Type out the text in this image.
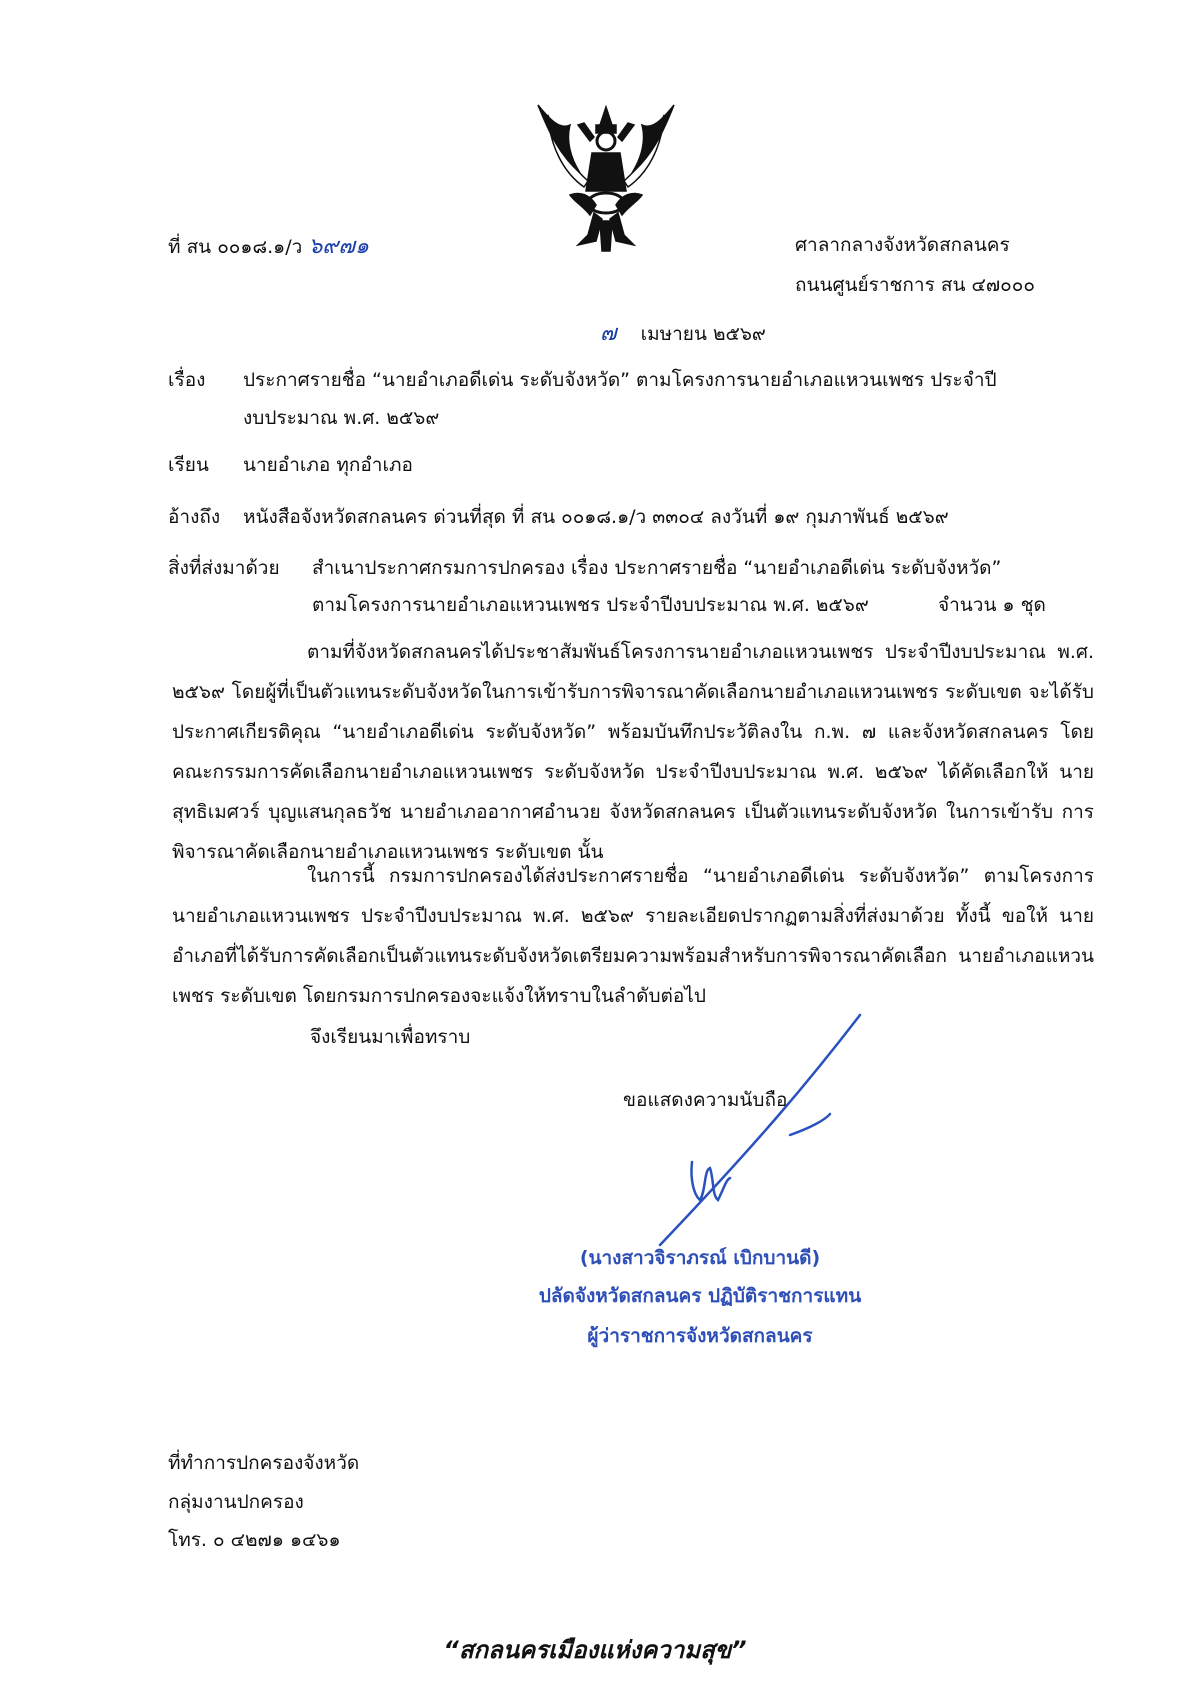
ที่ สน ๐๐๑๘.๑/ว ๖๙๗๑	ศาลากลางจังหวัดสกลนคร
ถนนศูนย์ราชการ สน ๔๗๐๐๐
๗ เมษายน ๒๕๖๙
เรื่อง ประกาศรายชื่อ “นายอำเภอดีเด่น ระดับจังหวัด” ตามโครงการนายอำเภอแหวนเพชร ประจำปี
งบประมาณ พ.ศ. ๒๕๖๙
เรียน นายอำเภอ ทุกอำเภอ
อ้างถึง หนังสือจังหวัดสกลนคร ด่วนที่สุด ที่ สน ๐๐๑๘.๑/ว ๓๓๐๔ ลงวันที่ ๑๙ กุมภาพันธ์ ๒๕๖๙
สิ่งที่ส่งมาด้วย สำเนาประกาศกรมการปกครอง เรื่อง ประกาศรายชื่อ “นายอำเภอดีเด่น ระดับจังหวัด”
ตามโครงการนายอำเภอแหวนเพชร ประจำปีงบประมาณ พ.ศ. ๒๕๖๙	จำนวน ๑ ชุด
ตามที่จังหวัดสกลนครได้ประชาสัมพันธ์โครงการนายอำเภอแหวนเพชร ประจำปีงบประมาณ พ.ศ. ๒๕๖๙ โดยผู้ที่เป็นตัวแทนระดับจังหวัดในการเข้ารับการพิจารณาคัดเลือกนายอำเภอแหวนเพชร ระดับเขต จะได้รับประกาศเกียรติคุณ “นายอำเภอดีเด่น ระดับจังหวัด” พร้อมบันทึกประวัติลงใน ก.พ. ๗ และจังหวัดสกลนคร โดยคณะกรรมการคัดเลือกนายอำเภอแหวนเพชร ระดับจังหวัด ประจำปีงบประมาณ พ.ศ. ๒๕๖๙ ได้คัดเลือกให้ นายสุทธิเมศวร์ บุญแสนกุลธวัช นายอำเภออากาศอำนวย จังหวัดสกลนคร เป็นตัวแทนระดับจังหวัด ในการเข้ารับ การพิจารณาคัดเลือกนายอำเภอแหวนเพชร ระดับเขต นั้น
ในการนี้ กรมการปกครองได้ส่งประกาศรายชื่อ “นายอำเภอดีเด่น ระดับจังหวัด” ตามโครงการ นายอำเภอแหวนเพชร ประจำปีงบประมาณ พ.ศ. ๒๕๖๙ รายละเอียดปรากฏตามสิ่งที่ส่งมาด้วย ทั้งนี้ ขอให้ นายอำเภอที่ได้รับการคัดเลือกเป็นตัวแทนระดับจังหวัดเตรียมความพร้อมสำหรับการพิจารณาคัดเลือก นายอำเภอแหวนเพชร ระดับเขต โดยกรมการปกครองจะแจ้งให้ทราบในลำดับต่อไป
จึงเรียนมาเพื่อทราบ
ขอแสดงความนับถือ
(นางสาวจิราภรณ์ เบิกบานดี)
ปลัดจังหวัดสกลนคร ปฏิบัติราชการแทน
ผู้ว่าราชการจังหวัดสกลนคร
ที่ทำการปกครองจังหวัด
กลุ่มงานปกครอง
โทร. ๐ ๔๒๗๑ ๑๔๖๑
“สกลนครเมืองแห่งความสุข”
